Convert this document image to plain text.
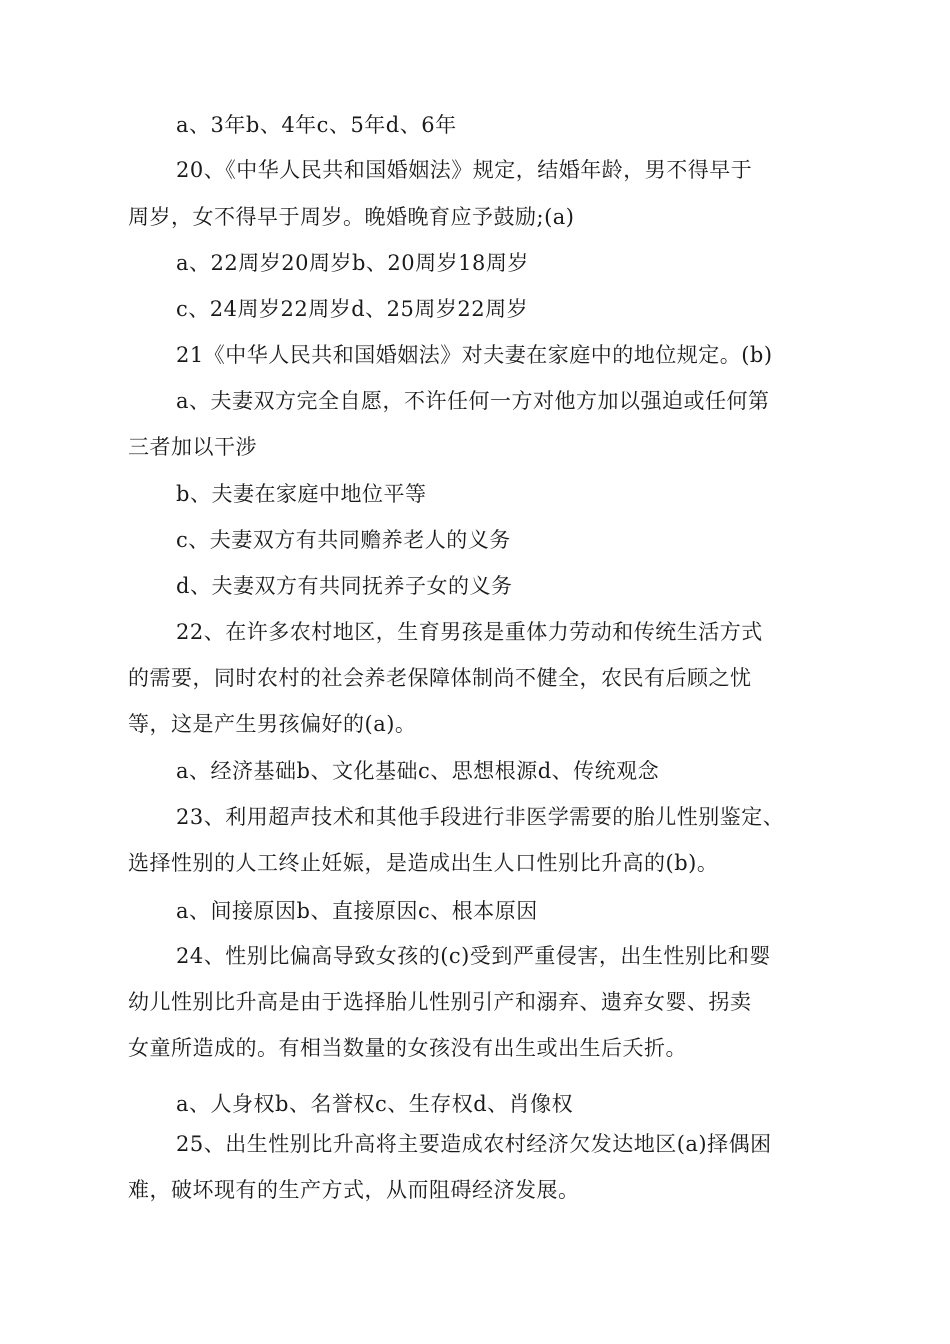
a、3年b、4年c、5年d、6年
20、《中华人民共和国婚姻法》规定，结婚年龄，男不得早于
周岁，女不得早于周岁。晚婚晚育应予鼓励;(a)
a、22周岁20周岁b、20周岁18周岁
c、24周岁22周岁d、25周岁22周岁
21《中华人民共和国婚姻法》对夫妻在家庭中的地位规定。(b)
a、夫妻双方完全自愿，不许任何一方对他方加以强迫或任何第
三者加以干涉
b、夫妻在家庭中地位平等
c、夫妻双方有共同赡养老人的义务
d、夫妻双方有共同抚养子女的义务
22、在许多农村地区，生育男孩是重体力劳动和传统生活方式
的需要，同时农村的社会养老保障体制尚不健全，农民有后顾之忧
等，这是产生男孩偏好的(a)。
a、经济基础b、文化基础c、思想根源d、传统观念
23、利用超声技术和其他手段进行非医学需要的胎儿性别鉴定、
选择性别的人工终止妊娠，是造成出生人口性别比升高的(b)。
a、间接原因b、直接原因c、根本原因
24、性别比偏高导致女孩的(c)受到严重侵害，出生性别比和婴
幼儿性别比升高是由于选择胎儿性别引产和溺弃、遗弃女婴、拐卖
女童所造成的。有相当数量的女孩没有出生或出生后夭折。
a、人身权b、名誉权c、生存权d、肖像权
25、出生性别比升高将主要造成农村经济欠发达地区(a)择偶困
难，破坏现有的生产方式，从而阻碍经济发展。
